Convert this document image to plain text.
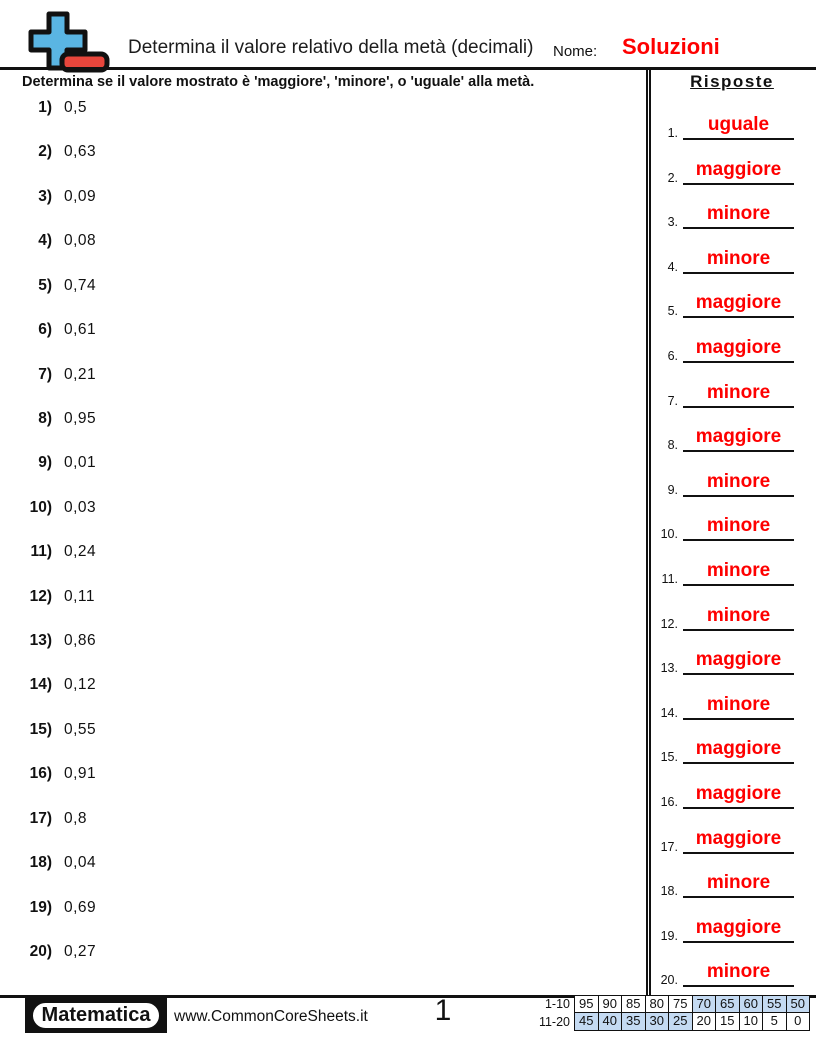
Determina il valore relativo della metà (decimali) Nome: Soluzioni
Determina se il valore mostrato è 'maggiore', 'minore', o 'uguale' alla metà.	Risposte
1) 0,5
2) 0,63
3) 0,09
4) 0,08
5) 0,74
6) 0,61
7) 0,21
8) 0,95
9) 0,01
10) 0,03
11) 0,24
12) 0,11
13) 0,86
14) 0,12
15) 0,55
16) 0,91
17) 0,8
18) 0,04
19) 0,69
20) 0,27
1.	uguale
2. maggiore
3.	minore
4.	minore
5. maggiore
6. maggiore
7.	minore
8. maggiore
9.	minore
10.	minore
11.	minore
12.	minore
13. maggiore
14.	minore
15. maggiore
16. maggiore
17. maggiore
18.	minore
19. maggiore
20.	minore
Matematica	www.CommonCoreSheets.it	1	1-10 95 90 85 80 75 70 65 60 55 50
11-20 45 40 35 30 25 20 15 10 5	0
